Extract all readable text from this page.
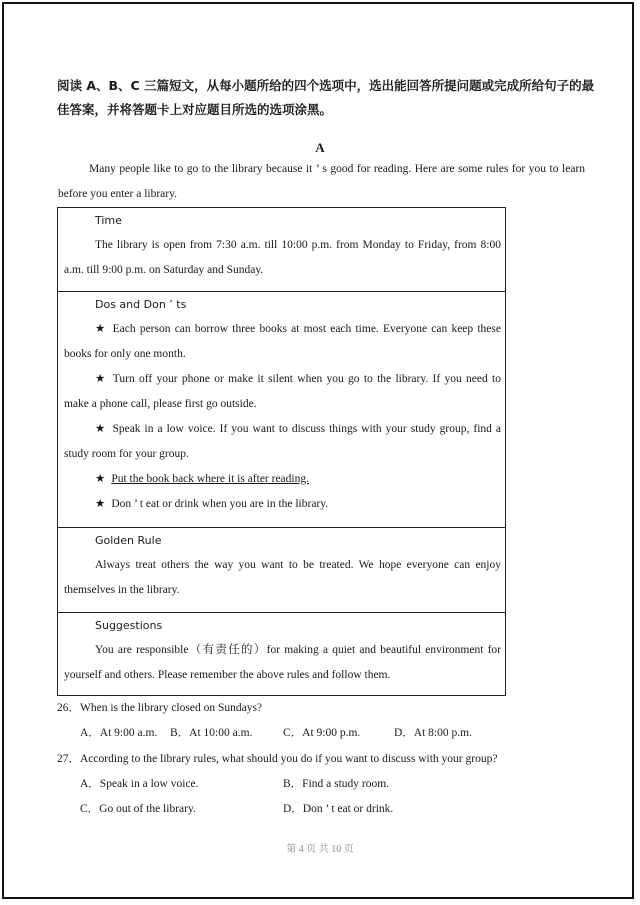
阅读 A、B、C 三篇短文，从每小题所给的四个选项中，选出能回答所提问题或完成所给句子的最佳答案，并将答题卡上对应题目所选的选项涂黑。
A
Many people like to go to the library because it ’ s good for reading. Here are some rules for you to learn before you enter a library.
Time
The library is open from 7:30 a.m. till 10:00 p.m. from Monday to Friday, from 8:00 a.m. till 9:00 p.m. on Saturday and Sunday.
Dos and Don ’ ts
★ Each person can borrow three books at most each time. Everyone can keep these books for only one month.
★ Turn off your phone or make it silent when you go to the library. If you need to make a phone call, please first go outside.
★ Speak in a low voice. If you want to discuss things with your study group, find a study room for your group.
★ Put the book back where it is after reading.
★ Don ’ t eat or drink when you are in the library.
Golden Rule
Always treat others the way you want to be treated. We hope everyone can enjoy themselves in the library.
Suggestions
You are responsible（有责任的）for making a quiet and beautiful environment for yourself and others. Please remember the above rules and follow them.
26．When is the library closed on Sundays?
A．At 9:00 a.m. B．At 10:00 a.m.	C．At 9:00 p.m.	D．At 8:00 p.m.
27．According to the library rules, what should you do if you want to discuss with your group?
A．Speak in a low voice.	B．Find a study room.
C．Go out of the library.	D．Don ’ t eat or drink.
第 4 页 共 10 页
